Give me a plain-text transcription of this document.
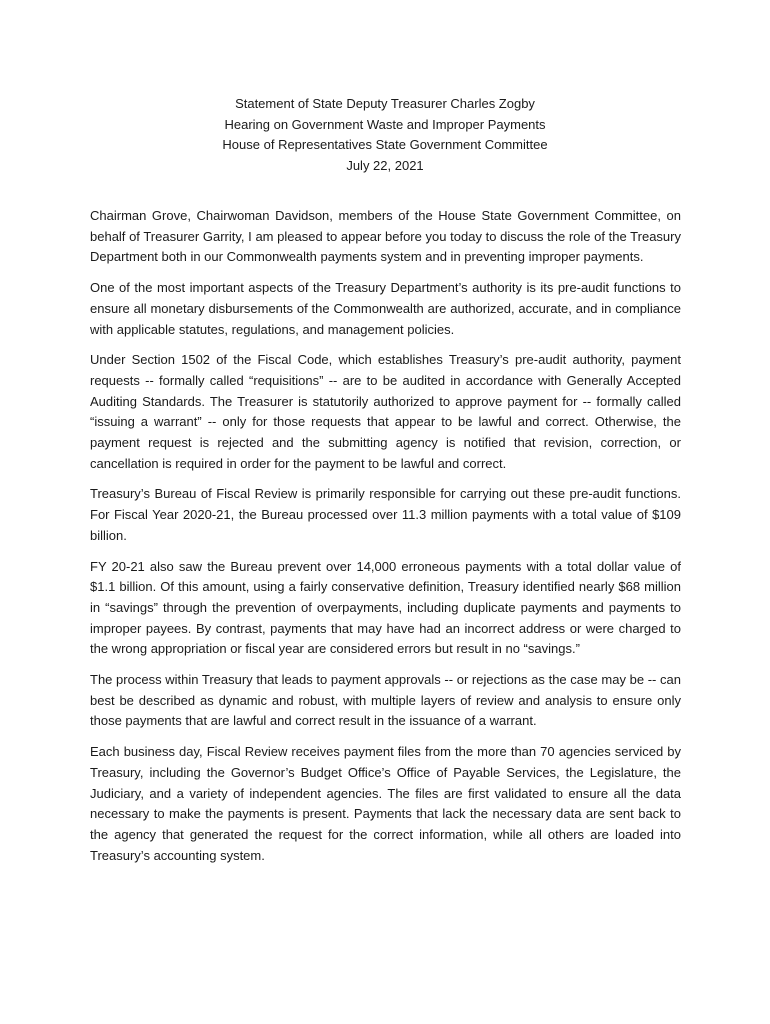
Statement of State Deputy Treasurer Charles Zogby
Hearing on Government Waste and Improper Payments
House of Representatives State Government Committee
July 22, 2021

Chairman Grove, Chairwoman Davidson, members of the House State Government Committee, on behalf of Treasurer Garrity, I am pleased to appear before you today to discuss the role of the Treasury Department both in our Commonwealth payments system and in preventing improper payments.

One of the most important aspects of the Treasury Department’s authority is its pre-audit functions to ensure all monetary disbursements of the Commonwealth are authorized, accurate, and in compliance with applicable statutes, regulations, and management policies.

Under Section 1502 of the Fiscal Code, which establishes Treasury’s pre-audit authority, payment requests -- formally called “requisitions” -- are to be audited in accordance with Generally Accepted Auditing Standards. The Treasurer is statutorily authorized to approve payment for -- formally called “issuing a warrant” -- only for those requests that appear to be lawful and correct. Otherwise, the payment request is rejected and the submitting agency is notified that revision, correction, or cancellation is required in order for the payment to be lawful and correct.

Treasury’s Bureau of Fiscal Review is primarily responsible for carrying out these pre-audit functions. For Fiscal Year 2020-21, the Bureau processed over 11.3 million payments with a total value of $109 billion.

FY 20-21 also saw the Bureau prevent over 14,000 erroneous payments with a total dollar value of $1.1 billion. Of this amount, using a fairly conservative definition, Treasury identified nearly $68 million in “savings” through the prevention of overpayments, including duplicate payments and payments to improper payees. By contrast, payments that may have had an incorrect address or were charged to the wrong appropriation or fiscal year are considered errors but result in no “savings.”

The process within Treasury that leads to payment approvals -- or rejections as the case may be -- can best be described as dynamic and robust, with multiple layers of review and analysis to ensure only those payments that are lawful and correct result in the issuance of a warrant.

Each business day, Fiscal Review receives payment files from the more than 70 agencies serviced by Treasury, including the Governor’s Budget Office’s Office of Payable Services, the Legislature, the Judiciary, and a variety of independent agencies. The files are first validated to ensure all the data necessary to make the payments is present. Payments that lack the necessary data are sent back to the agency that generated the request for the correct information, while all others are loaded into Treasury’s accounting system.
